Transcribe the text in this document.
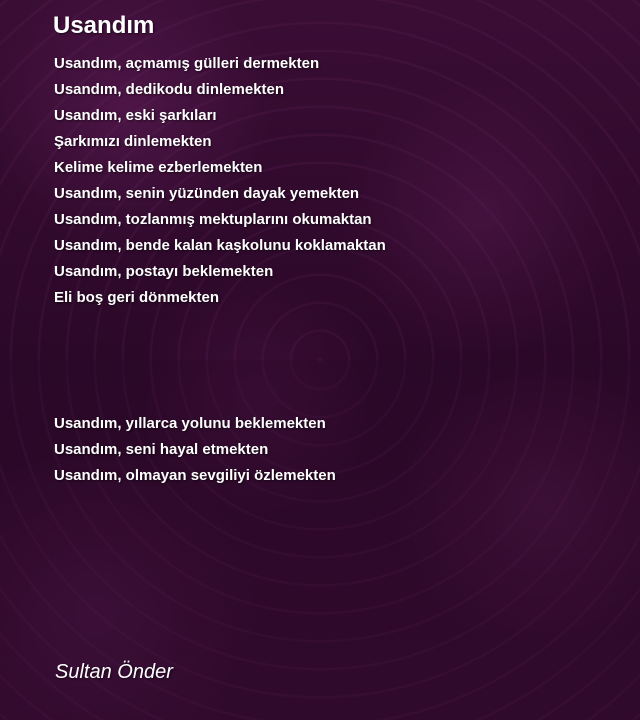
Usandım
Usandım, açmamış gülleri dermekten
Usandım, dedikodu dinlemekten
Usandım, eski şarkıları
Şarkımızı dinlemekten
Kelime kelime ezberlemekten
Usandım, senin yüzünden dayak yemekten
Usandım, tozlanmış mektuplarını okumaktan
Usandım, bende kalan kaşkolunu koklamaktan
Usandım, postayı beklemekten
Eli boş geri dönmekten
Usandım, yıllarca yolunu beklemekten
Usandım, seni hayal etmekten
Usandım, olmayan sevgiliyi özlemekten
Sultan Önder
